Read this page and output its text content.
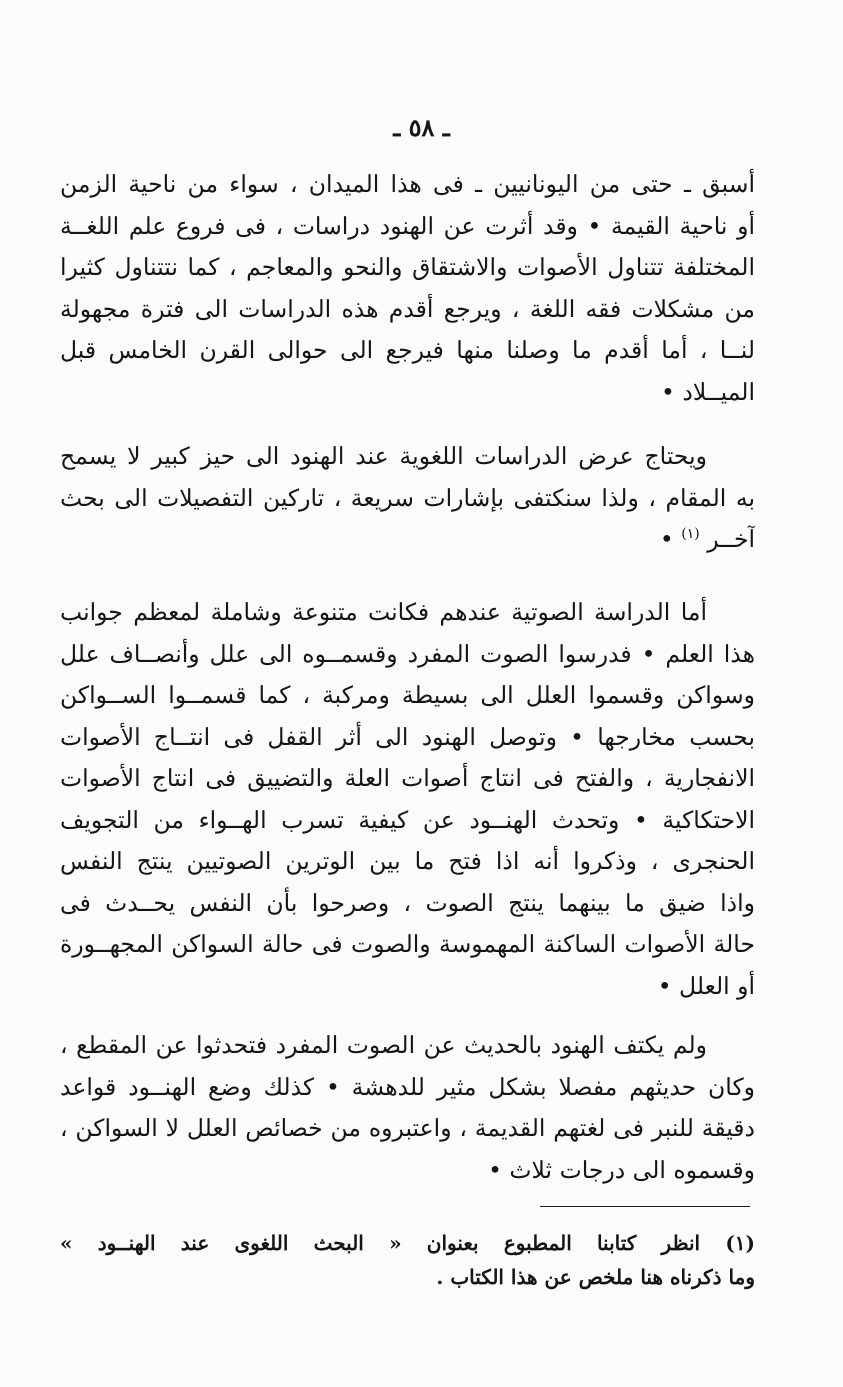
ـ ٥٨ ـ
أسبق ـ حتى من اليونانيين ـ فى هذا الميدان ، سواء من ناحية الزمن
أو ناحية القيمة • وقد أثرت عن الهنود دراسات ، فى فروع علم اللغــة
المختلفة تتناول الأصوات والاشتقاق والنحو والمعاجم ، كما نتتناول كثيرا
من مشكلات فقه اللغة ، ويرجع أقدم هذه الدراسات الى فترة مجهولة
لنــا ، أما أقدم ما وصلنا منها فيرجع الى حوالى القرن الخامس قبل
الميــلاد •
ويحتاج عرض الدراسات اللغوية عند الهنود الى حيز كبير لا يسمح
به المقام ، ولذا سنكتفى بإشارات سريعة ، تاركين التفصيلات الى بحث
آخــر $^{(١)}$ •
أما الدراسة الصوتية عندهم فكانت متنوعة وشاملة لمعظم جوانب
هذا العلم • فدرسوا الصوت المفرد وقسمــوه الى علل وأنصــاف علل
وسواكن وقسموا العلل الى بسيطة ومركبة ، كما قسمــوا الســواكن
بحسب مخارجها • وتوصل الهنود الى أثر القفل فى انتــاج الأصوات
الانفجارية ، والفتح فى انتاج أصوات العلة والتضييق فى انتاج الأصوات
الاحتكاكية • وتحدث الهنــود عن كيفية تسرب الهــواء من التجويف
الحنجرى ، وذكروا أنه اذا فتح ما بين الوترين الصوتيين ينتج النفس
واذا ضيق ما بينهما ينتج الصوت ، وصرحوا بأن النفس يحــدث فى
حالة الأصوات الساكنة المهموسة والصوت فى حالة السواكن المجهــورة
أو العلل •
ولم يكتف الهنود بالحديث عن الصوت المفرد فتحدثوا عن المقطع ،
وكان حديثهم مفصلا بشكل مثير للدهشة • كذلك وضع الهنــود قواعد
دقيقة للنبر فى لغتهم القديمة ، واعتبروه من خصائص العلل لا السواكن ،
وقسموه الى درجات ثلاث •
(١) انظر كتابنا المطبوع بعنوان « البحث اللغوى عند الهنــود »
وما ذكرناه هنا ملخص عن هذا الكتاب .
